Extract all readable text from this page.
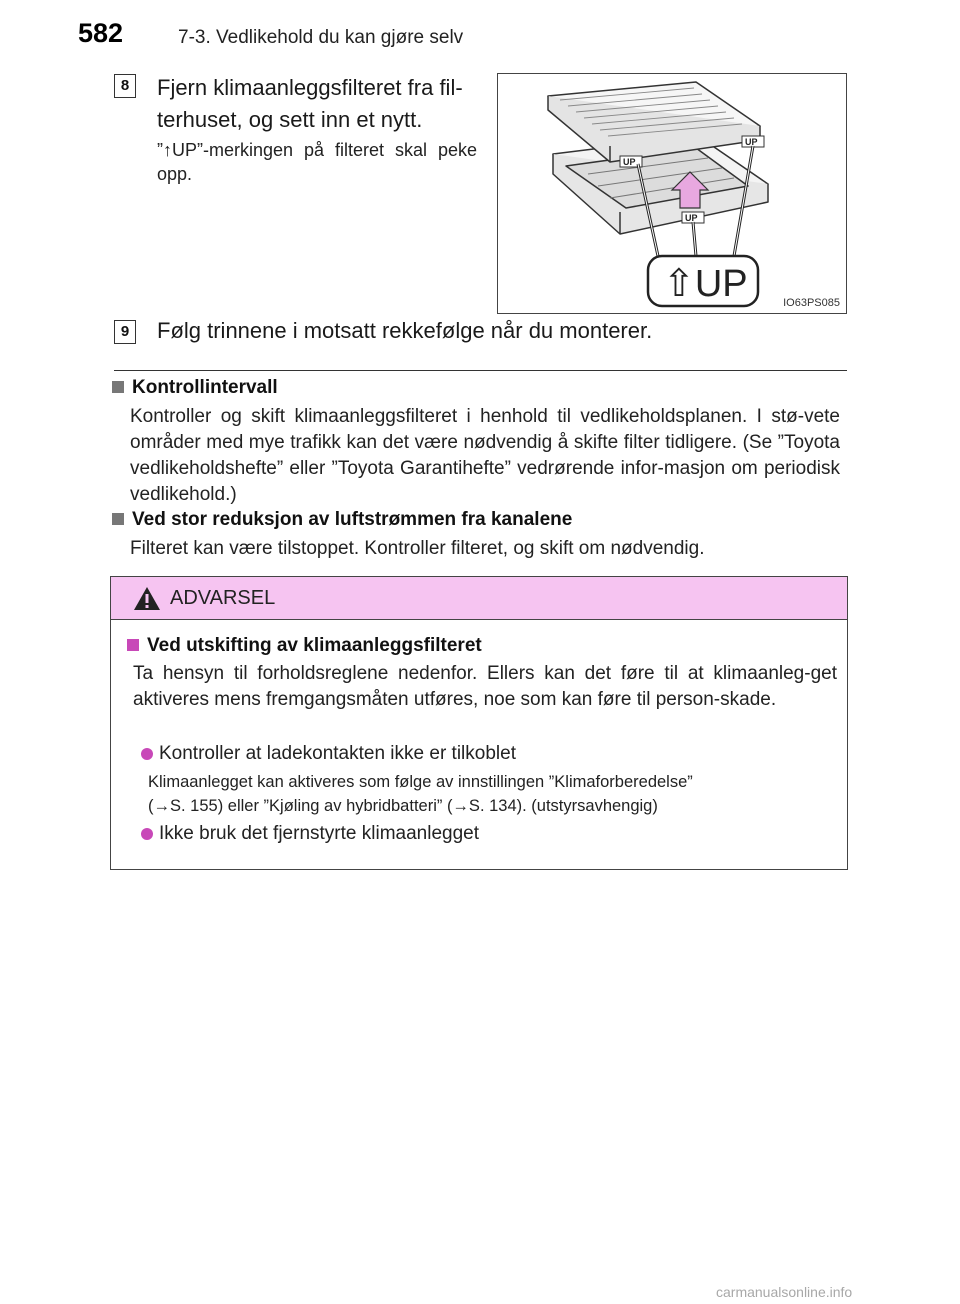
582	7-3. Vedlikehold du kan gjøre selv
8	Fjern klimaanleggsfilteret fra fil-
terhuset, og sett inn et nytt.
”↑UP”-merkingen på filteret skal peke opp.
UP
UP
UP
⇧UP	IO63PS085
9	Følg trinnene i motsatt rekkefølge når du monterer.
Kontrollintervall
Kontroller og skift klimaanleggsfilteret i henhold til vedlikeholdsplanen. I stø-vete områder med mye trafikk kan det være nødvendig å skifte filter tidligere. (Se ”Toyota vedlikeholdshefte” eller ”Toyota Garantihefte” vedrørende infor-masjon om periodisk vedlikehold.)
Ved stor reduksjon av luftstrømmen fra kanalene
Filteret kan være tilstoppet. Kontroller filteret, og skift om nødvendig.
ADVARSEL
Ved utskifting av klimaanleggsfilteret
Ta hensyn til forholdsreglene nedenfor. Ellers kan det føre til at klimaanleg-get aktiveres mens fremgangsmåten utføres, noe som kan føre til person-skade.
Kontroller at ladekontakten ikke er tilkoblet
Klimaanlegget kan aktiveres som følge av innstillingen ”Klimaforberedelse”
(→S. 155) eller ”Kjøling av hybridbatteri” (→S. 134). (utstyrsavhengig)
Ikke bruk det fjernstyrte klimaanlegget
carmanualsonline.info
